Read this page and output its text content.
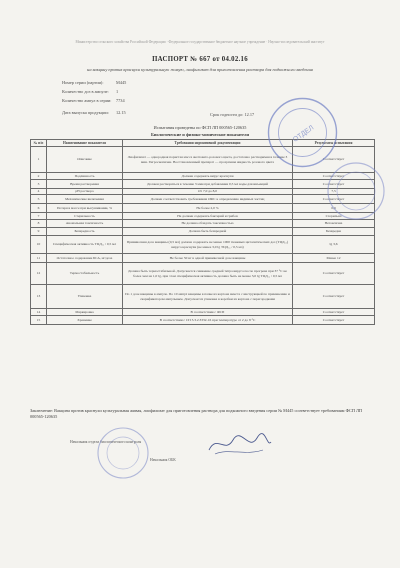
Министерство сельского хозяйства Российской Федерации · Федеральное государственное бюджетное научное учреждение · Научно-исследовательский институт
ПАСПОРТ № 667 от 04.02.16
на вакцину против краснухи культуральную живую, лиофилизат для приготовления раствора для подкожного введения
Номер серии (партии):	М445
Количество доз в ампуле: 1
Количество ампул в серии: 7734
Дата выпуска продукции: 12.15	Срок годности до: 12.17
Испытания проведены по ФСП ЛП 000565-120635
Биологические и физико-химические показатели
№ п/п	Наименование показателя	Требования нормативной документации	Результаты испытания
1	Описание	Лиофилизат — однородная пористая масса желтовато-розового цвета, достаточно растворимая в течение 3 мин. Гигроскопичен. Восстановленный препарат — прозрачная жидкость розового цвета	Соответствует
2	Подлинность	Должен содержать вирус краснухи	Соответствует
3	Время растворения	Должен растворяться в течение 3 мин при добавлении 0,5 мл воды для инъекций	Соответствует
4	pH раствора	От 7,0 до 8,0	7,5
5	Механические включения	Должен соответствовать требованиям ОФС к определению видимых частиц	Соответствует
6	Потеря в массе при высушивании, %	Не более 2,0 %	0,9
7	Стерильность	Не должен содержать бактерий и грибов	Стерильна
8	Аномальная токсичность	Не должна обладать токсичностью	Нетоксична
9	Безвредность	Должна быть безвредной	Безвредна
10	Специфическая активность ТЦД₅₀ / 0,5 мл	Прививочная доза вакцины (0,5 мл) должна содержать не менее 1000 тканевых цитопатических доз (ТЦД₅₀) вируса краснухи (не менее 3,0 lg ТЦД₅₀ / 0,5 мл)	lg 3,6
11	Остаточное содержание БСА, нг/доза	Не более 50 нг в одной прививочной дозе вакцины	Менее 12
12	Термостабильность	Должна быть термостабильной. Допускается снижение средней титра вируса после прогрева при 37 °C не более чем на 1,0 lg, при этом специфическая активность должна быть не менее 3,0 lg ТЦД₅₀ / 0,5 мл	Соответствует
13	Упаковка	По 1 дозе вакцины в ампуле. По 10 ампул вакцины в пачке из картона вместе с инструкцией по применению и скарификатором ампульным. Допускается упаковка в коробки из картона с перегородками	Соответствует
14	Маркировка	В соответствии с ФСП	Соответствует
15	Хранение	В соответствии с СП 3.3.2.3332-16 при температуре от 2 до 8 °C	Соответствует
Заключение: Вакцина против краснухи культуральная живая, лиофилизат для приготовления раствора для подкожного введения серии № М445 соответствует требованиям ФСП ЛП 000565-120635
Начальник отдела биологического контроля
Начальник ОБК
ОТДЕЛ
